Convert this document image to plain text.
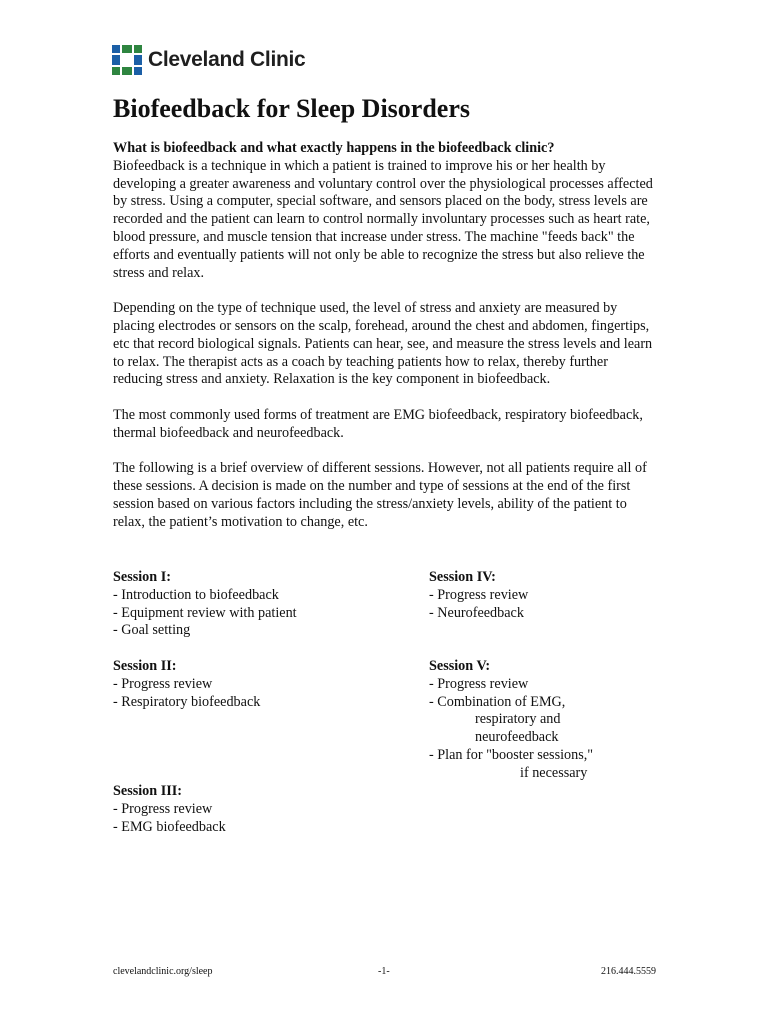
Cleveland Clinic
Biofeedback for Sleep Disorders

What is biofeedback and what exactly happens in the biofeedback clinic?

Biofeedback is a technique in which a patient is trained to improve his or her health by developing a greater awareness and voluntary control over the physiological processes affected by stress. Using a computer, special software, and sensors placed on the body, stress levels are recorded and the patient can learn to control normally involuntary processes such as heart rate, blood pressure, and muscle tension that increase under stress. The machine "feeds back" the efforts and eventually patients will not only be able to recognize the stress but also relieve the stress and relax.

Depending on the type of technique used, the level of stress and anxiety are measured by placing electrodes or sensors on the scalp, forehead, around the chest and abdomen, fingertips, etc that record biological signals. Patients can hear, see, and measure the stress levels and learn to relax. The therapist acts as a coach by teaching patients how to relax, thereby further reducing stress and anxiety. Relaxation is the key component in biofeedback.

The most commonly used forms of treatment are EMG biofeedback, respiratory biofeedback, thermal biofeedback and neurofeedback.

The following is a brief overview of different sessions. However, not all patients require all of these sessions. A decision is made on the number and type of sessions at the end of the first session based on various factors including the stress/anxiety levels, ability of the patient to relax, the patient’s motivation to change, etc.

Session I:
- Introduction to biofeedback
- Equipment review with patient
- Goal setting
Session II:
- Progress review
- Respiratory biofeedback
Session III:
- Progress review
- EMG biofeedback
Session IV:
- Progress review
- Neurofeedback
Session V:
- Progress review
- Combination of EMG,
respiratory and
neurofeedback
- Plan for "booster sessions,"
if necessary
clevelandclinic.org/sleep	-1-	216.444.5559
